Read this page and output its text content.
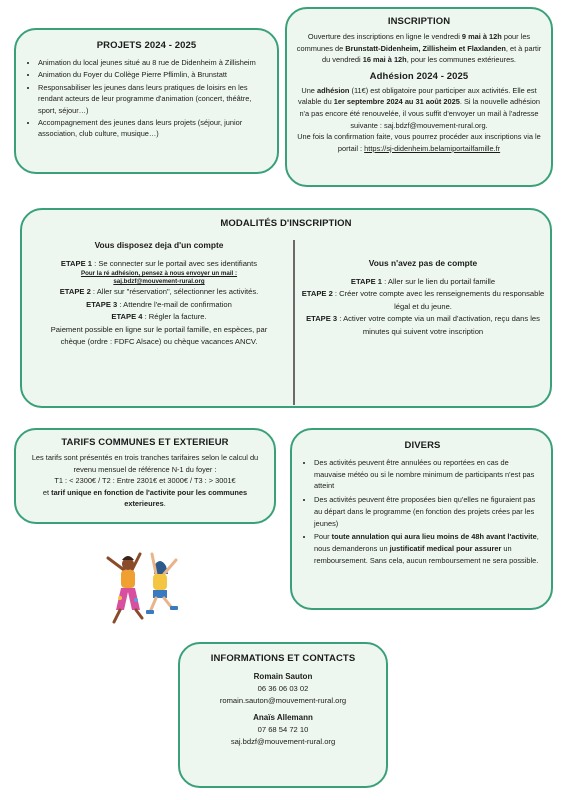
PROJETS 2024 - 2025
• Animation du local jeunes situé au 8 rue de Didenheim à Zillisheim
• Animation du Foyer du Collège Pierre Pflimlin, à Brunstatt
• Responsabiliser les jeunes dans leurs pratiques de loisirs en les rendant acteurs de leur programme d'animation (concert, théâtre, sport, séjour…)
• Accompagnement des jeunes dans leurs projets (séjour, junior association, club culture, musique…)
INSCRIPTION
Ouverture des inscriptions en ligne le vendredi 9 mai à 12h pour les communes de Brunstatt-Didenheim, Zillisheim et Flaxlanden, et à partir du vendredi 16 mai à 12h, pour les communes extérieures.
Adhésion 2024 - 2025
Une adhésion (11€) est obligatoire pour participer aux activités. Elle est valable du 1er septembre 2024 au 31 août 2025. Si la nouvelle adhésion n'a pas encore été renouvelée, il vous suffit d'envoyer un mail à l'adresse suivante : saj.bdzf@mouvement-rural.org.
Une fois la confirmation faite, vous pourrez procéder aux inscriptions via le portail : https://sj-didenheim.belamiportailfamille.fr
MODALITÉS D'INSCRIPTION
Vous disposez deja d'un compte
ETAPE 1 : Se connecter sur le portail avec ses identifiants
Pour la ré adhésion, pensez à nous envoyer un mail :
saj.bdzf@mouvement-rural.org
ETAPE 2 : Aller sur "réservation", sélectionner les activités.
ETAPE 3 : Attendre l'e-mail de confirmation
ETAPE 4 : Régler la facture.
Paiement possible en ligne sur le portail famille, en espèces, par chèque (ordre : FDFC Alsace) ou chèque vacances ANCV.
Vous n'avez pas de compte
ETAPE 1 : Aller sur le lien du portail famille
ETAPE 2 : Créer votre compte avec les renseignements du responsable légal et du jeune.
ETAPE 3 : Activer votre compte via un mail d'activation, reçu dans les minutes qui suivent votre inscription
TARIFS COMMUNES ET EXTERIEUR
Les tarifs sont présentés en trois tranches tarifaires selon le calcul du revenu mensuel de référence N-1 du foyer :
T1 : < 2300€ / T2 : Entre 2301€ et 3000€ / T3 : > 3001€
et tarif unique en fonction de l'activite pour les communes exterieures.
DIVERS
• Des activités peuvent être annulées ou reportées en cas de mauvaise météo ou si le nombre minimum de participants n'est pas atteint
• Des activités peuvent être proposées bien qu'elles ne figuraient pas au départ dans le programme (en fonction des projets crées par les jeunes)
• Pour toute annulation qui aura lieu moins de 48h avant l'activite, nous demanderons un justificatif medical pour assurer un remboursement. Sans cela, aucun remboursement ne sera possible.
INFORMATIONS ET CONTACTS
Romain Sauton
06 36 06 03 02
romain.sauton@mouvement-rural.org
Anaïs Allemann
07 68 54 72 10
saj.bdzf@mouvement-rural.org
